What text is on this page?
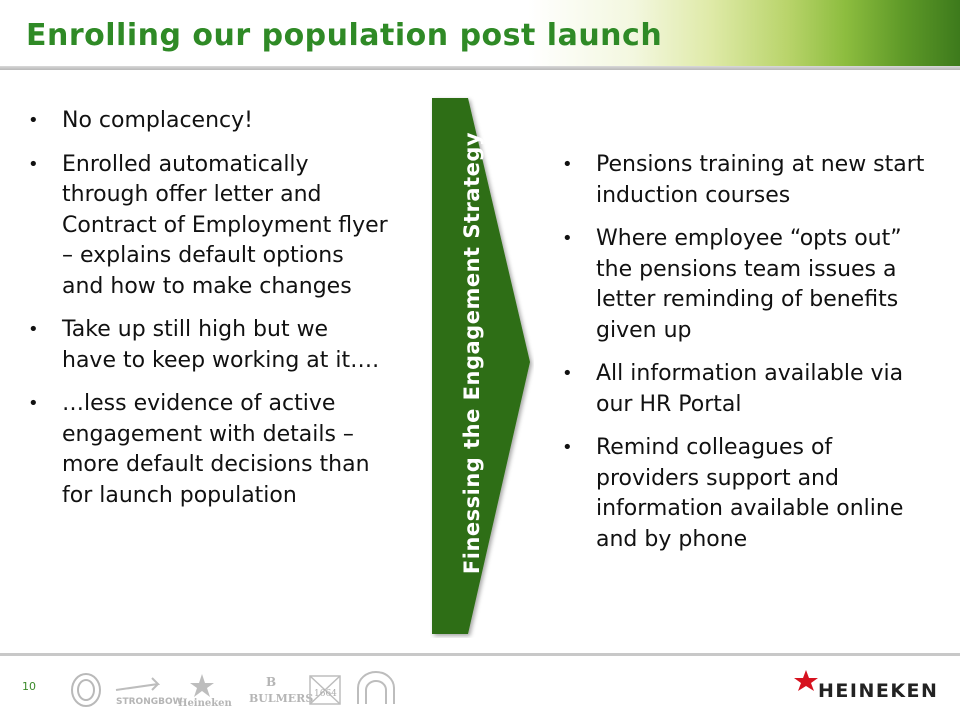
Enrolling our population post launch
• No complacency!
• Enrolled automatically through offer letter and Contract of Employment flyer – explains default options and how to make changes
• Take up still high but we have to keep working at it….
• …less evidence of active engagement with details – more default decisions than for launch population	Finessing the Engagement Strategy	• Pensions training at new start induction courses
• Where employee “opts out” the pensions team issues a letter reminding of benefits given up
• All information available via our HR Portal
• Remind colleagues of providers support and information available online and by phone
10
STRONGBOW
Heineken
B
BULMERS 1664	HEINEKEN
